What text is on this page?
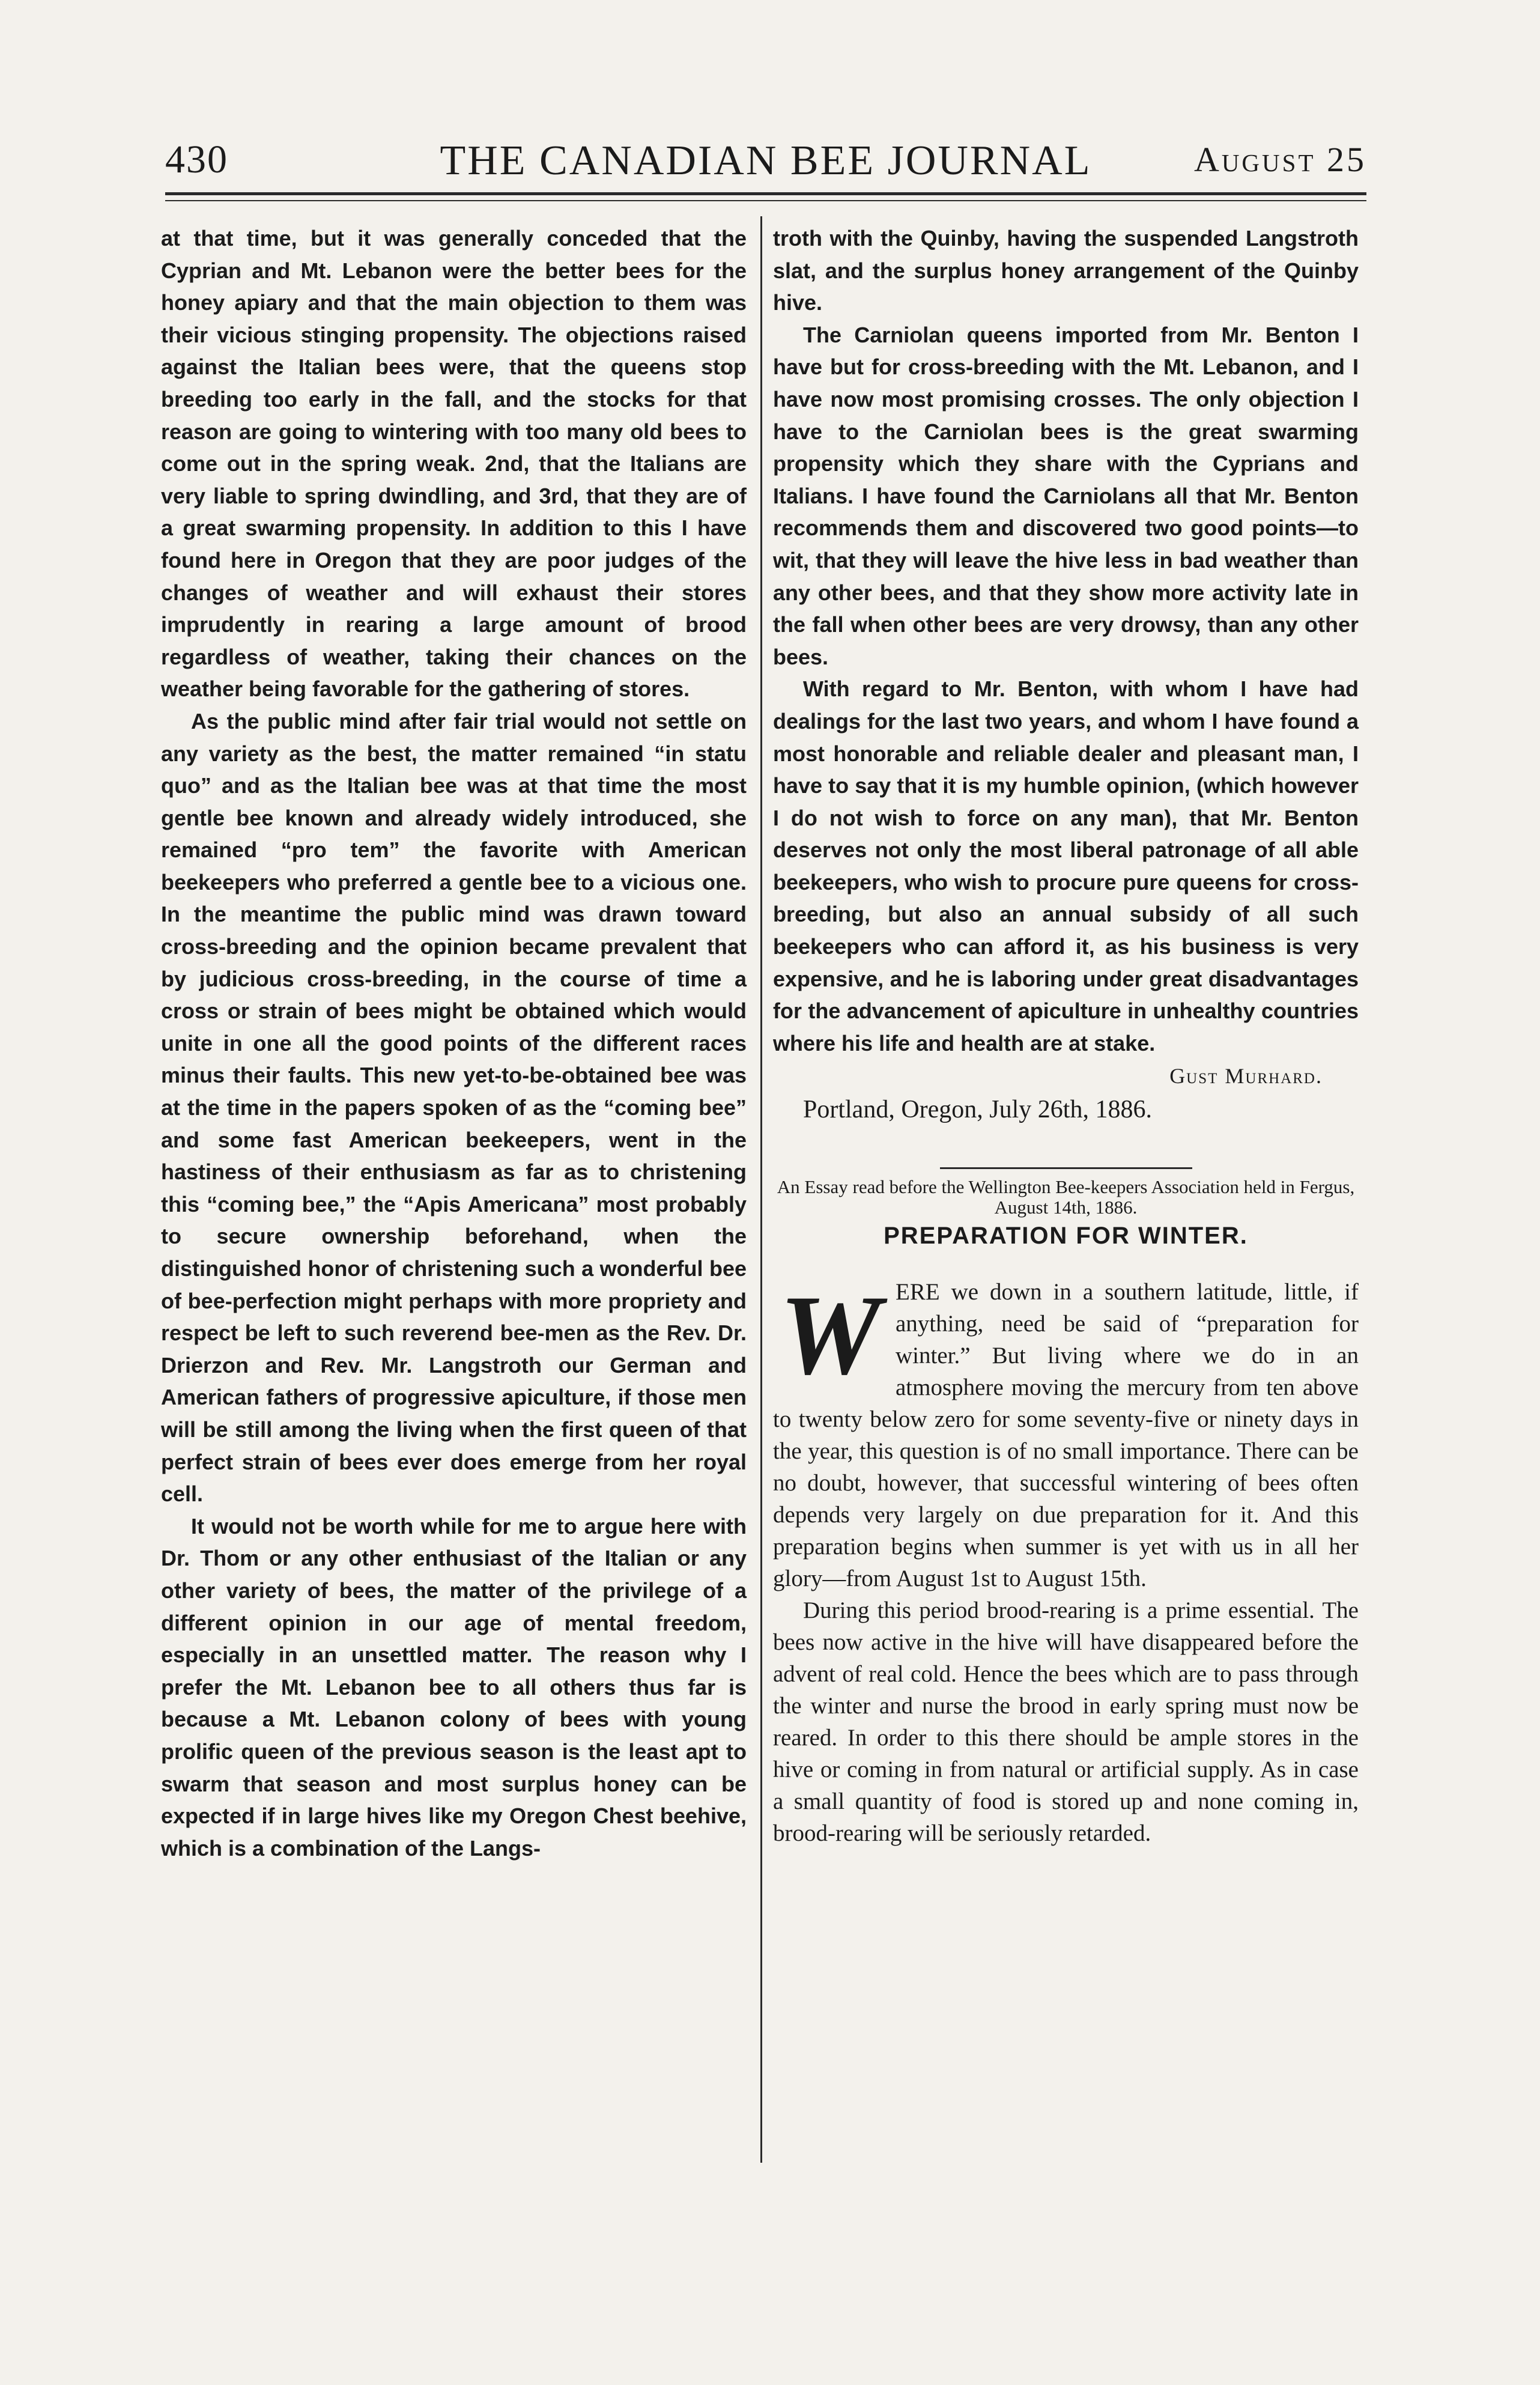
430	THE CANADIAN BEE JOURNAL	August 25

at that time, but it was generally conceded that the Cyprian and Mt. Lebanon were the better bees for the honey apiary and that the main objection to them was their vicious stinging propensity. The objections raised against the Italian bees were, that the queens stop breeding too early in the fall, and the stocks for that reason are going to wintering with too many old bees to come out in the spring weak. 2nd, that the Italians are very liable to spring dwindling, and 3rd, that they are of a great swarming propensity. In addition to this I have found here in Oregon that they are poor judges of the changes of weather and will exhaust their stores imprudently in rearing a large amount of brood regardless of weather, taking their chances on the weather being favorable for the gathering of stores.

As the public mind after fair trial would not settle on any variety as the best, the matter remained “in statu quo” and as the Italian bee was at that time the most gentle bee known and already widely introduced, she remained “pro tem” the favorite with American beekeepers who preferred a gentle bee to a vicious one. In the meantime the public mind was drawn toward cross-breeding and the opinion became prevalent that by judicious cross-breeding, in the course of time a cross or strain of bees might be obtained which would unite in one all the good points of the different races minus their faults. This new yet-to-be-obtained bee was at the time in the papers spoken of as the “coming bee” and some fast American beekeepers, went in the hastiness of their enthusiasm as far as to christening this “coming bee,” the “Apis Americana” most probably to secure ownership beforehand, when the distinguished honor of christening such a wonderful bee of bee-perfection might perhaps with more propriety and respect be left to such reverend bee-men as the Rev. Dr. Drierzon and Rev. Mr. Langstroth our German and American fathers of progressive apiculture, if those men will be still among the living when the first queen of that perfect strain of bees ever does emerge from her royal cell.

It would not be worth while for me to argue here with Dr. Thom or any other enthusiast of the Italian or any other variety of bees, the matter of the privilege of a different opinion in our age of mental freedom, especially in an unsettled matter. The reason why I prefer the Mt. Lebanon bee to all others thus far is because a Mt. Lebanon colony of bees with young prolific queen of the previous season is the least apt to swarm that season and most surplus honey can be expected if in large hives like my Oregon Chest beehive, which is a combination of the Langs-

troth with the Quinby, having the suspended Langstroth slat, and the surplus honey arrangement of the Quinby hive.

The Carniolan queens imported from Mr. Benton I have but for cross-breeding with the Mt. Lebanon, and I have now most promising crosses. The only objection I have to the Carniolan bees is the great swarming propensity which they share with the Cyprians and Italians. I have found the Carniolans all that Mr. Benton recommends them and discovered two good points—to wit, that they will leave the hive less in bad weather than any other bees, and that they show more activity late in the fall when other bees are very drowsy, than any other bees.

With regard to Mr. Benton, with whom I have had dealings for the last two years, and whom I have found a most honorable and reliable dealer and pleasant man, I have to say that it is my humble opinion, (which however I do not wish to force on any man), that Mr. Benton deserves not only the most liberal patronage of all able beekeepers, who wish to procure pure queens for cross-breeding, but also an annual subsidy of all such beekeepers who can afford it, as his business is very expensive, and he is laboring under great disadvantages for the advancement of apiculture in unhealthy countries where his life and health are at stake.

Gust Murhard.

Portland, Oregon, July 26th, 1886.

An Essay read before the Wellington Bee-keepers Association held in Fergus, August 14th, 1886.
PREPARATION FOR WINTER.
W ERE we down in a southern latitude, little, if anything, need be said of “preparation for winter.” But living where we do in an atmosphere moving the mercury from ten above to twenty below zero for some seventy-five or ninety days in the year, this question is of no small importance. There can be no doubt, however, that successful wintering of bees often depends very largely on due preparation for it. And this preparation begins when summer is yet with us in all her glory—from August 1st to August 15th.

During this period brood-rearing is a prime essential. The bees now active in the hive will have disappeared before the advent of real cold. Hence the bees which are to pass through the winter and nurse the brood in early spring must now be reared. In order to this there should be ample stores in the hive or coming in from natural or artificial supply. As in case a small quantity of food is stored up and none coming in, brood-rearing will be seriously retarded.
